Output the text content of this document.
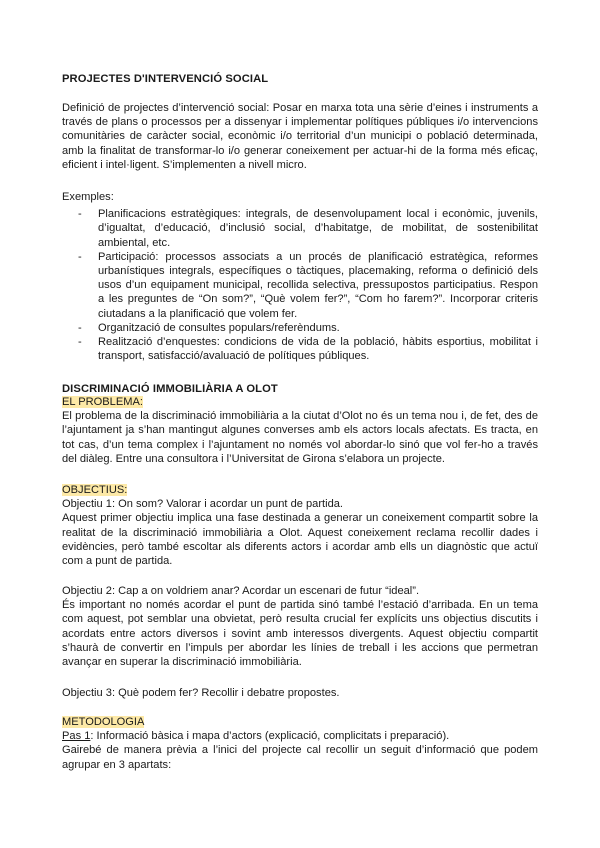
PROJECTES D'INTERVENCIÓ SOCIAL

Definició de projectes d’intervenció social: Posar en marxa tota una sèrie d’eines i instruments a través de plans o processos per a dissenyar i implementar polítiques públiques i/o intervencions comunitàries de caràcter social, econòmic i/o territorial d’un municipi o població determinada, amb la finalitat de transformar-lo i/o generar coneixement per actuar-hi de la forma més eficaç, eficient i intel·ligent. S’implementen a nivell micro.

Exemples:
- Planificacions estratègiques: integrals, de desenvolupament local i econòmic, juvenils, d’igualtat, d’educació, d’inclusió social, d’habitatge, de mobilitat, de sostenibilitat ambiental, etc.
- Participació: processos associats a un procés de planificació estratègica, reformes urbanístiques integrals, específiques o tàctiques, placemaking, reforma o definició dels usos d’un equipament municipal, recollida selectiva, pressupostos participatius. Respon a les preguntes de “On som?”, “Què volem fer?”, “Com ho farem?”. Incorporar criteris ciutadans a la planificació que volem fer.
- Organització de consultes populars/referèndums.
- Realització d’enquestes: condicions de vida de la població, hàbits esportius, mobilitat i transport, satisfacció/avaluació de polítiques públiques.

DISCRIMINACIÓ IMMOBILIÀRIA A OLOT

EL PROBLEMA:
El problema de la discriminació immobiliària a la ciutat d’Olot no és un tema nou i, de fet, des de l’ajuntament ja s’han mantingut algunes converses amb els actors locals afectats. Es tracta, en tot cas, d’un tema complex i l’ajuntament no només vol abordar-lo sinó que vol fer-ho a través del diàleg. Entre una consultora i l’Universitat de Girona s’elabora un projecte.
OBJECTIUS:
Objectiu 1: On som? Valorar i acordar un punt de partida.
Aquest primer objectiu implica una fase destinada a generar un coneixement compartit sobre la realitat de la discriminació immobiliària a Olot. Aquest coneixement reclama recollir dades i evidències, però també escoltar als diferents actors i acordar amb ells un diagnòstic que actuï com a punt de partida.
Objectiu 2: Cap a on voldriem anar? Acordar un escenari de futur “ideal”.
És important no només acordar el punt de partida sinó també l’estació d’arribada. En un tema com aquest, pot semblar una obvietat, però resulta crucial fer explícits uns objectius discutits i acordats entre actors diversos i sovint amb interessos divergents. Aquest objectiu compartit s’haurà de convertir en l’impuls per abordar les línies de treball i les accions que permetran avançar en superar la discriminació immobiliària.

Objectiu 3: Què podem fer? Recollir i debatre propostes.

METODOLOGIA
Pas 1: Informació bàsica i mapa d’actors (explicació, complicitats i preparació).
Gairebé de manera prèvia a l’inici del projecte cal recollir un seguit d’informació que podem agrupar en 3 apartats:
